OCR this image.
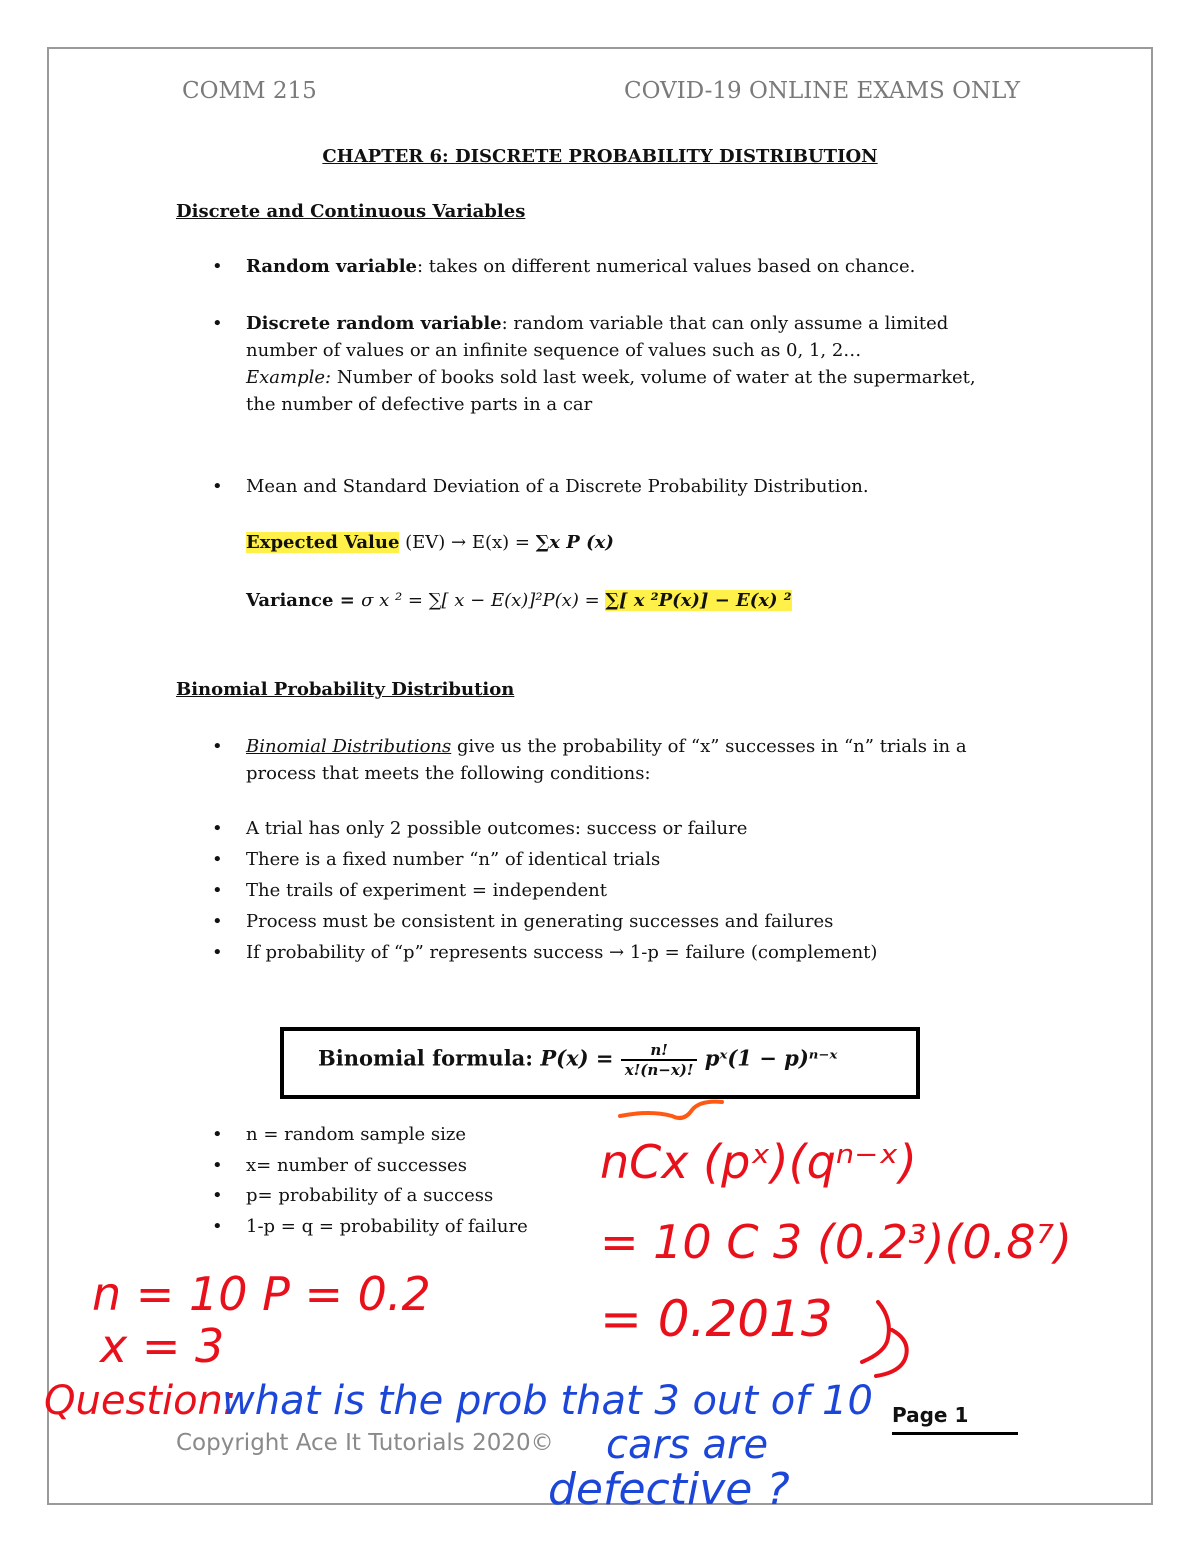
COMM 215	COVID-19 ONLINE EXAMS ONLY
CHAPTER 6: DISCRETE PROBABILITY DISTRIBUTION
Discrete and Continuous Variables
• Random variable: takes on different numerical values based on chance.
• Discrete random variable: random variable that can only assume a limited
number of values or an infinite sequence of values such as 0, 1, 2…
Example: Number of books sold last week, volume of water at the supermarket,
the number of defective parts in a car
• Mean and Standard Deviation of a Discrete Probability Distribution.
Expected Value (EV) → E(x) = ∑x P (x)
Variance = σ x ² = ∑[ x − E(x)]²P(x) = ∑[ x ²P(x)] − E(x) ²
Binomial Probability Distribution
• Binomial Distributions give us the probability of “x” successes in “n” trials in a
process that meets the following conditions:
• A trial has only 2 possible outcomes: success or failure
• There is a fixed number “n” of identical trials
• The trails of experiment = independent
• Process must be consistent in generating successes and failures
• If probability of “p” represents success → 1-p = failure (complement)
Binomial formula: $P(x) = \frac{n!}{x!(n-x)!}$ pˣ(1 − p)ⁿ⁻ˣ
• n = random sample size
• x= number of successes
• p= probability of a success
• 1-p = q = probability of failure
Page 1
Copyright Ace It Tutorials 2020©
nCx (pˣ)(qⁿ⁻ˣ)
= 10 C 3 (0.2³)(0.8⁷)
= 0.2013
n = 10 P = 0.2
x = 3
Question:
what is the prob that 3 out of 10
cars are
defective ?
